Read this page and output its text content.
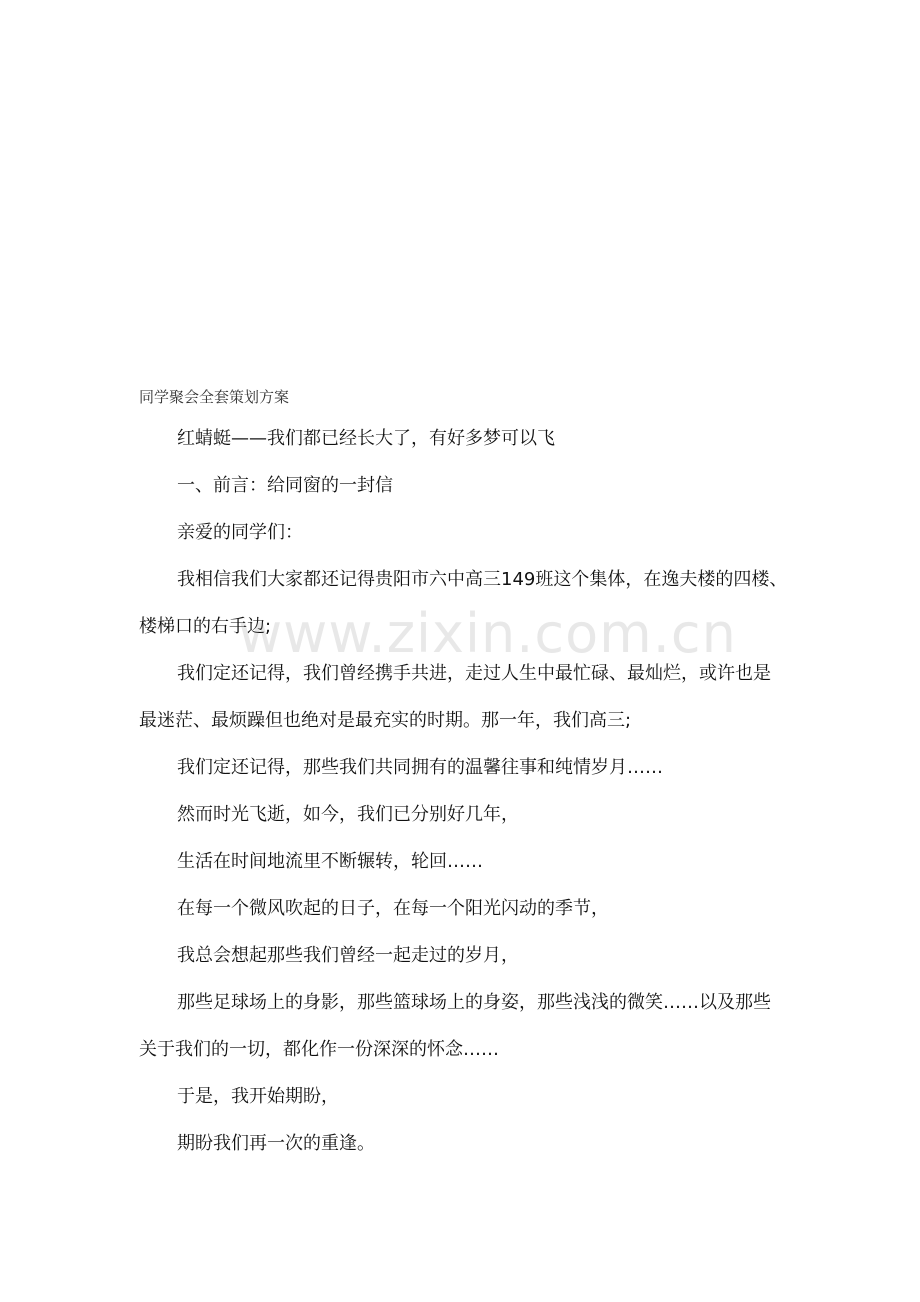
同学聚会全套策划方案

红蜻蜓——我们都已经长大了，有好多梦可以飞

一、前言：给同窗的一封信

亲爱的同学们：

我相信我们大家都还记得贵阳市六中高三149班这个集体，在逸夫楼的四楼、
楼梯口的右手边;

我们定还记得，我们曾经携手共进，走过人生中最忙碌、最灿烂，或许也是
最迷茫、最烦躁但也绝对是最充实的时期。那一年，我们高三;

我们定还记得，那些我们共同拥有的温馨往事和纯情岁月……

然而时光飞逝，如今，我们已分别好几年，

生活在时间地流里不断辗转，轮回……

在每一个微风吹起的日子，在每一个阳光闪动的季节，

我总会想起那些我们曾经一起走过的岁月，

那些足球场上的身影，那些篮球场上的身姿，那些浅浅的微笑……以及那些
关于我们的一切，都化作一份深深的怀念……

于是，我开始期盼，

期盼我们再一次的重逢。

www.zixin.com.cn
